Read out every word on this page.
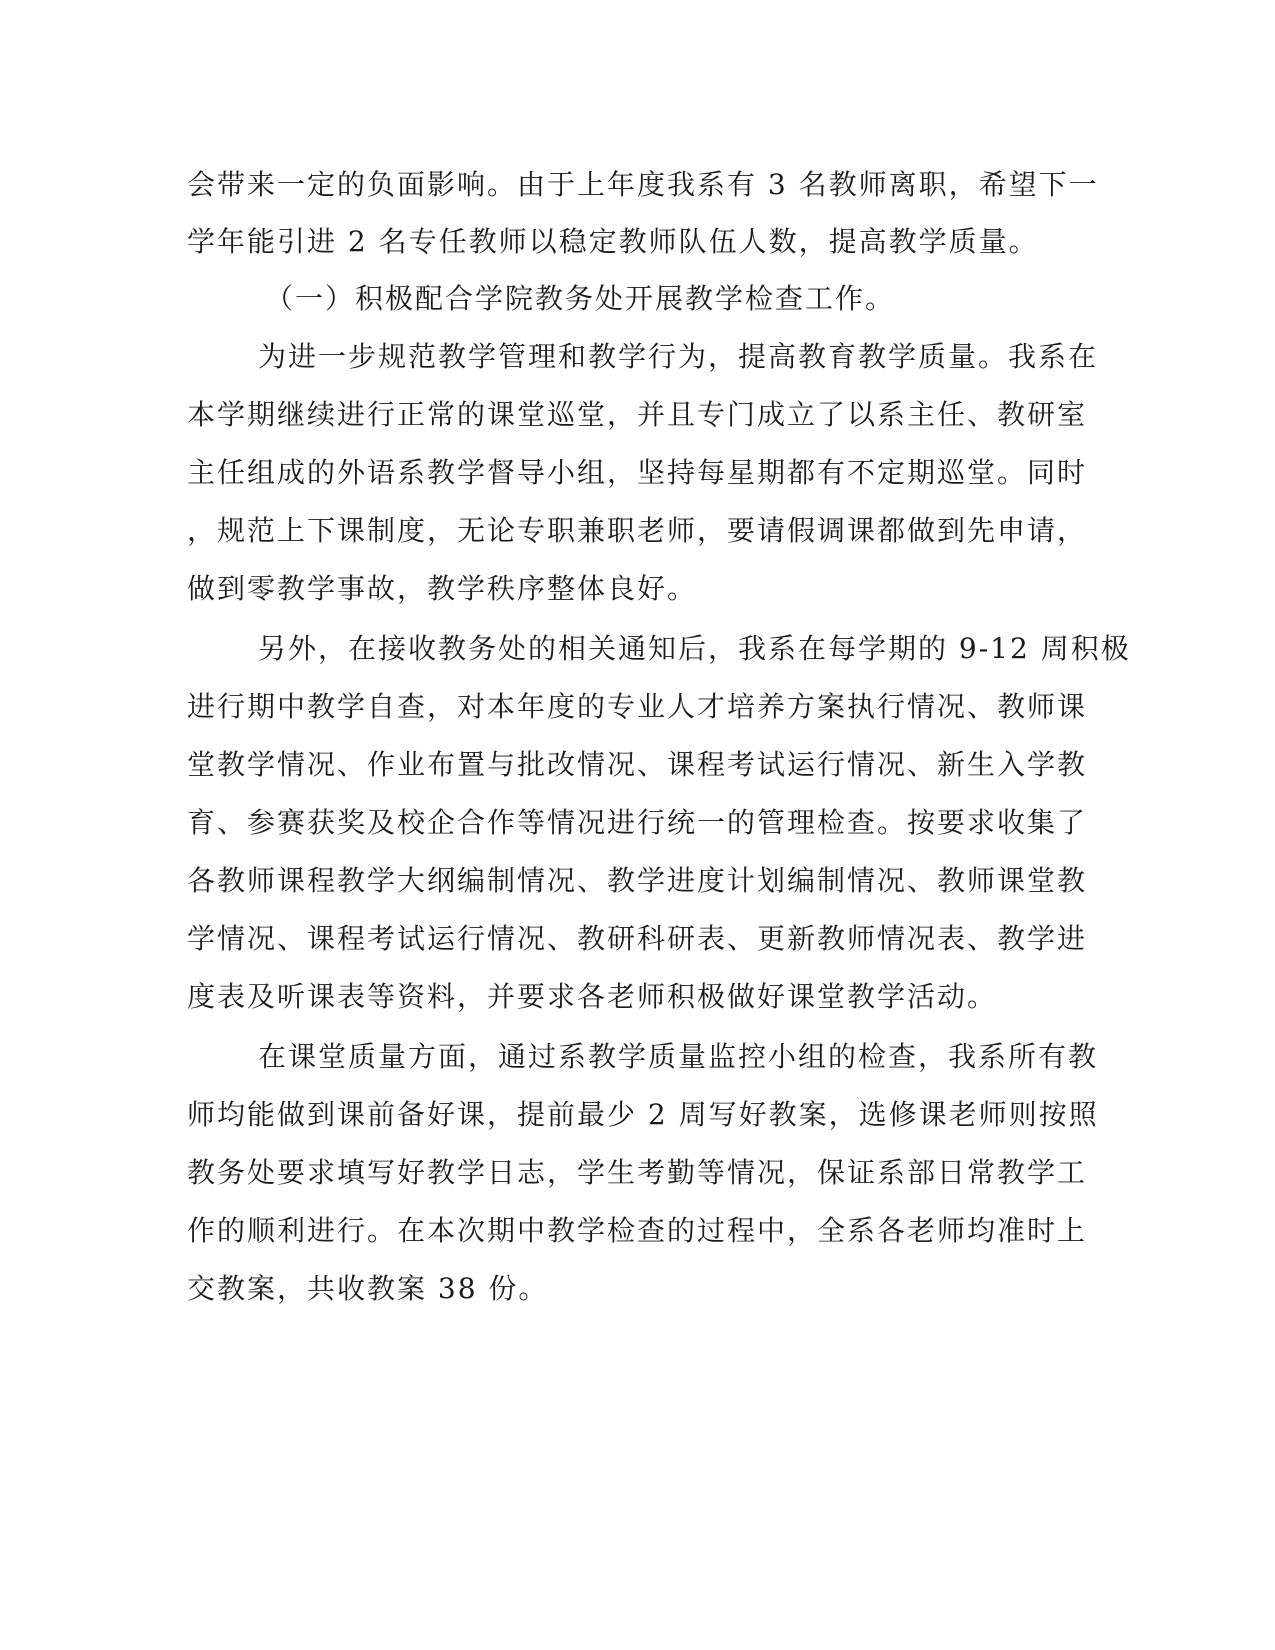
会带来一定的负面影响。由于上年度我系有 3 名教师离职，希望下一
学年能引进 2 名专任教师以稳定教师队伍人数，提高教学质量。
（一）积极配合学院教务处开展教学检查工作。
为进一步规范教学管理和教学行为，提高教育教学质量。我系在
本学期继续进行正常的课堂巡堂，并且专门成立了以系主任、教研室
主任组成的外语系教学督导小组，坚持每星期都有不定期巡堂。同时
，规范上下课制度，无论专职兼职老师，要请假调课都做到先申请，
做到零教学事故，教学秩序整体良好。
另外，在接收教务处的相关通知后，我系在每学期的 9-12 周积极
进行期中教学自查，对本年度的专业人才培养方案执行情况、教师课
堂教学情况、作业布置与批改情况、课程考试运行情况、新生入学教
育、参赛获奖及校企合作等情况进行统一的管理检查。按要求收集了
各教师课程教学大纲编制情况、教学进度计划编制情况、教师课堂教
学情况、课程考试运行情况、教研科研表、更新教师情况表、教学进
度表及听课表等资料，并要求各老师积极做好课堂教学活动。
在课堂质量方面，通过系教学质量监控小组的检查，我系所有教
师均能做到课前备好课，提前最少 2 周写好教案，选修课老师则按照
教务处要求填写好教学日志，学生考勤等情况，保证系部日常教学工
作的顺利进行。在本次期中教学检查的过程中，全系各老师均准时上
交教案，共收教案 38 份。
